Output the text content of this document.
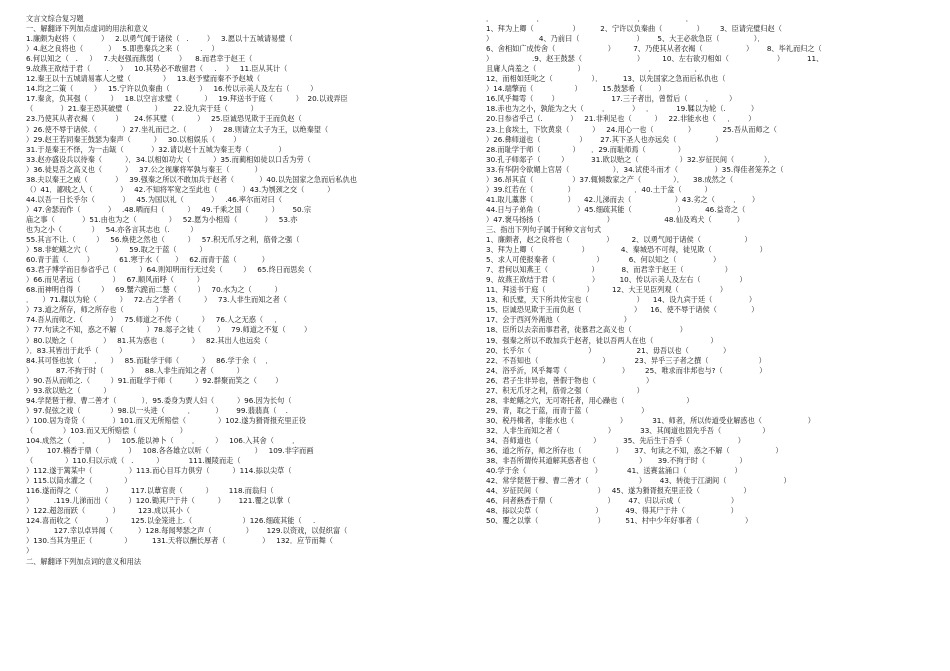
文言文综合复习题
一、解翻译下列加点虚词的用法和意义
1.廉颇为赵将（           ）   2.以勇气闻于诸侯（   .        ）   3.愿以十五城请易璧（
）4.赵之良将也（           ）   5.即患秦兵之来（         .    ）
6.何以知之（   .     ）   7.夫赵强而燕弱（        ）    8.而君幸于赵王（
9.故燕王欲结于君（       .     ）   10.其势必不敢留君（     .    ）   11.臣从其计（
12.秦王以十五城请易寡人之璧（              ）   13.赵予璧而秦不予赵城（
14.均之二策（         ）   15.宁许以负秦曲（             ）   16.传以示美人及左右（         ）
17.秦贪，负其强（          ）   18.以空言求璧（           ）   19.拜送书于庭（          ）  20.以戏弄臣
（            ）21.秦王恐其破璧（           ）     22.设九宾于廷（          ）
23.乃使其从者衣褐（         ）     24.怀其璧（          ）   25.臣诚恐见欺于王而负赵（
）26.使不辱于诸侯.（           ）27.坐礼而已之.（          ）   28.则请立太子为王，以绝秦望（
）29.赵王若同秦王鼓瑟为秦声（          ）   30.以相娱乐（        ）
31.于是秦王不怿，为一击缻（            ）32.请以赵十五城为秦王寿（             ）
33.赵亦盛设兵以待秦（          ）．34.以相如功大（          ）35.而蔺相如徒以口舌为劳（
）36.徒見吾之高义也（          ）   37.公之视廉将军孰与秦王（           ）
38.夫以秦王之威（            ）   39.强秦之所以不敢加兵于赵者（           ）40.以先国家之急而后私仇也
（）41．鄙贱之人（            ）   42.不知将军宽之至此也（           ）43.为刎颈之交（          ）
44.以吾一日长乎尔（            ）   45.为国以礼（            ）   .46.率尔而对曰（
）47.舍瑟而作（            ）   .48.哂而归（          ）   49.千乘之国（          ）      50.宗
庙之事（            ）51.由也为之（              ）   52.愿为小相焉（            ）   53.亦
也为之小（             ）   54.亦各言其志也（.         ）
55.其言不让.（         ）   56.焕使之然也（          ）   57.积无爪牙之利，筋骨之强（
）58.非蛇鳝之穴（            ）   59.取之于蓝（          ）
60.青于蓝（.        ）           61.寒于水（       ）   62.而青于蓝（           ）
63.君子博学而日参省乎己（          ）64.则知明而行无过矣（         ）   65.终日而思矣（
）66.而见者远（              ）   67.顺风而呼（          ）
68.而神明自得（         ）   69.蟹六跪而二螯（         ）   70.水为之（          ）
．    ）71.鞣以为轮（          ）   72.古之学者（          ）   73.人非生而知之者（
）73.道之所存，师之所存也（              ）
74.吾从而师之.（            ）   75.师道之不传（          ）   76.人之无惑（     ．
）77.句读之不知，惑之不解（          ）78.郯子之徒（       ）   79.师道之不复（        ）
）80.以贻之（             ）   81.其为惑也（            ）   82.其出人也远矣（
）．83.其皆出于此乎（         ）
84.其可怪也欤（      ．    ）   85.而耻学于师（          ）   86.学于余（    ．
）          87.不拘于时（            ）   88.人非生而知之者（          ）
）90.吾从而师之.（         ）91.而耻学于师（          ）92.群聚而笑之（        ）
）93.欲以贻之（          ）
94.学琵琶于穆、曹二善才（           ）．95.委身为贾人妇（          ）96.因为长句（
）97.促弦之戏（             ）98.以一头进（          ．         ）      99.翡翡真（    .
）100.居为奇货（            ）101.而又无所赔偿（              ）102.遂为猾胥报充里正役
（             ）103.而又无所赔偿（                   ）
104.成然之（     ．        ）   105.能以神卜（        ．       ）   106.入其舍（        ．
）      107.楠香于鼎（             ）   108.各各雄立以听（                    ）   109.非字而画
（              ）110.归以示成（   .          ）           111.履陵而走（
）112.遂于篱某中（                ）113.而心目耳力俱穷（          ）114.掭以尖草（
）115.以筒水灌之（              ）
116.遂而得之（            ）        117.以蕈官责（          ）       118.而翁归（
）         .119.儿涕而出（         ）120.锄其尸于井（          ）      121.覆之以掌（
）122.超忽而跃（            ）        123.成以其小（
124.喜而收之（            ）        125.以金笼进上.（                      ）126.细疏其能（     .
）         127.幸以卓异闻（           ）128.每闻琴瑟之声（               ）      129.以资戏，以促织富（
）130.当其为里正（              ）         131.天将以酬长厚者（                ）   132．应节而舞（
）
二、解翻译下列加点词的意义和用法
．                   ．                                         ．                  ．
1、拜为上卿（                 ）         2、宁许以负秦曲（               ）       3、臣请完璧归赵（
）                    4、乃前曰（                         ）      5、大王必欲急臣（               ）．
6、舍相如广成传舍（                       ）        7、乃使其从者衣褐（                   ）      8、毕礼而归之（
）                 .9、赵王鼓瑟（                        ）        10、左右欲刃相如（                     ）          11、
且庸人尚羞之（                  ）                            ．                 ．
12、而相如廷叱之（                 ）．         13、以先国家之急而后私仇也（
）14.端擎而（                  ）         15.鼓瑟希（       ）
16.风乎舞雩（        ）                       17.三子者出，曾皙后（        ．       ）
18.赤也为之小，孰能为之大（        ．          ）   ．          19.鞣以为轮（.           ）
20.日参省乎己（.            ）   21.非利足也（          ）   22.非能水也（     ．      ）
23.上食埃土，下饮黄泉（          ）   24.用心一也（               ）            25.吾从而师之（
）26.彝师道也（                 ）      27.其下圣人也亦远矣（                 ）
28.而耻学于师（              ）     ．29.而耻师焉（              ）
30.孔子师郯子（         ）          31.欧以贻之（                  ）32.岁征民间（             ）．
33.有华阴令欲媚上官居（                   ）．34.试使斗而才（                ）35.得佳者笼养之（
）36.昂其直（                 ）37.辄倾数家之产（              ）．    38.成然之（
）39.红若在（               ）                          ．40.土于盆（          ）
41.取儿藁葬（               ）    42.儿涕而去（                   ）43.劣之（        ．     ）
44.日与子弟角（                ）45.细疏其能（                    ）         46.益奇之（
）47.褒马扬扬（                             ）                      48.仙及鸡犬（           ）
三、指出下列句子属于何种文言句式
1、廉颇者，赵之良将也（                ）        2、以勇气闻于诸侯（                   ）
3、拜为上卿（                     ）              4、秦城恐不可得，徒见欺（                     ）
5、求人可使报秦者（                  ）           6、何以知之（                ）
7、君何以知燕王（                   ）          8、而君幸于赵王（                  ）
9、故燕王欲结于君（                ）         10、传以示美人及左右（                 ）
11、拜送书于庭（                  ）        12、大王见臣列观（                  ）
13、和氏璧，天下所共传宝也（                     ）    14、设九宾于廷（                ）
15、臣诚恐见欺于王而负赵（                       ）    16、使不辱于诸侯（               ）
17、会于西河外渑池（                            ）
18、臣所以去亲而事君者，徒慕君之高义也（                     ）
19、强秦之所以不敢加兵于赵者，徒以吾两人在也（                         ）
20、长乎尔（                         ）                  21、毋吾以也（               ）
22、不吾知也（                            ）           23、异乎三子者之撰（                      ）
24、浴乎沂，风乎舞雩（                        ）       25、唯求而非邦也与?（                ）
26、君子生非异也，善假于物也（                      ）
27、积无爪牙之利，筋骨之强（                     ）
28、非蛇鳝之穴，无可寄托者，用心躁也（                           ）
29、青，取之于蓝，而青于蓝（                       ）
30、税丹楫者，非能水也（                    ）           31、师者，所以传道受业解惑也（                    ）
32、人非生而知之者（                     ）           33、其闻道也固先乎吾（                  ）
34、吾师道也（                        ）          35、先后生于吾乎（                     ）
36、道之所存，师之所存也（               ）     37、句读之不知，惑之不解（                    ）
38、非吾所谓传其道解其惑者也（                   ）     39.不拘于时（               ）
40.学于余（                              ）           41、送赛盆涌口（                     ）
42、常学琵琶于穆、曹二善才（                      ）      43、转徙于江湖间（                         ）
44、岁征民间（                          ）   45、遂为猾胥报充里正役（                   ）
46、问者爇香于鼎（                        ）      47、归以示成（                      ）
48、掭以尖草（                         ）          49、得其尸于井（                    ）
50、覆之以掌（                          ）         51、村中少年好事者（                    ）
